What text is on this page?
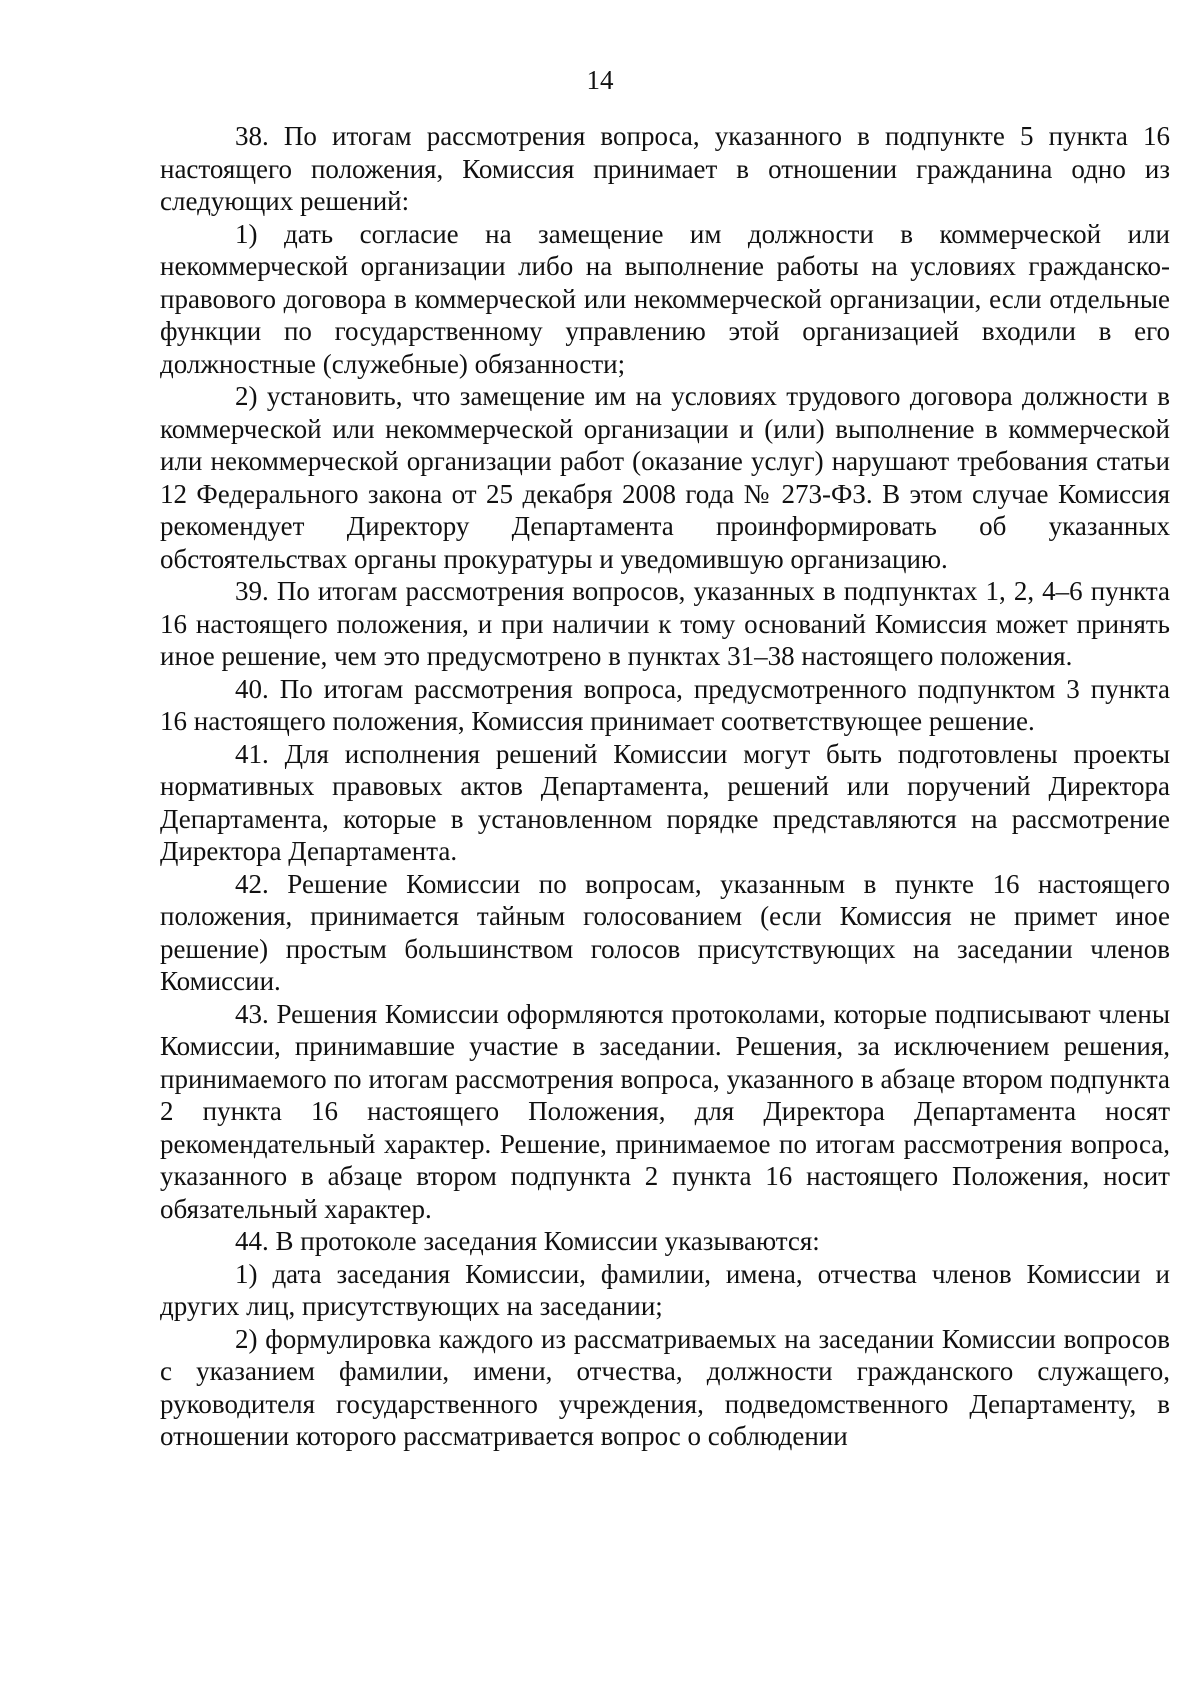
14

38. По итогам рассмотрения вопроса, указанного в подпункте 5 пункта 16 настоящего положения, Комиссия принимает в отношении гражданина одно из следующих решений:

1) дать согласие на замещение им должности в коммерческой или некоммерческой организации либо на выполнение работы на условиях гражданско-правового договора в коммерческой или некоммерческой организации, если отдельные функции по государственному управлению этой организацией входили в его должностные (служебные) обязанности;

2) установить, что замещение им на условиях трудового договора должности в коммерческой или некоммерческой организации и (или) выполнение в коммерческой или некоммерческой организации работ (оказание услуг) нарушают требования статьи 12 Федерального закона от 25 декабря 2008 года № 273-ФЗ. В этом случае Комиссия рекомендует Директору Департамента проинформировать об указанных обстоятельствах органы прокуратуры и уведомившую организацию.

39. По итогам рассмотрения вопросов, указанных в подпунктах 1, 2, 4–6 пункта 16 настоящего положения, и при наличии к тому оснований Комиссия может принять иное решение, чем это предусмотрено в пунктах 31–38 настоящего положения.

40. По итогам рассмотрения вопроса, предусмотренного подпунктом 3 пункта 16 настоящего положения, Комиссия принимает соответствующее решение.

41. Для исполнения решений Комиссии могут быть подготовлены проекты нормативных правовых актов Департамента, решений или поручений Директора Департамента, которые в установленном порядке представляются на рассмотрение Директора Департамента.

42. Решение Комиссии по вопросам, указанным в пункте 16 настоящего положения, принимается тайным голосованием (если Комиссия не примет иное решение) простым большинством голосов присутствующих на заседании членов Комиссии.

43. Решения Комиссии оформляются протоколами, которые подписывают члены Комиссии, принимавшие участие в заседании. Решения, за исключением решения, принимаемого по итогам рассмотрения вопроса, указанного в абзаце втором подпункта 2 пункта 16 настоящего Положения, для Директора Департамента носят рекомендательный характер. Решение, принимаемое по итогам рассмотрения вопроса, указанного в абзаце втором подпункта 2 пункта 16 настоящего Положения, носит обязательный характер.

44. В протоколе заседания Комиссии указываются:

1) дата заседания Комиссии, фамилии, имена, отчества членов Комиссии и других лиц, присутствующих на заседании;

2) формулировка каждого из рассматриваемых на заседании Комиссии вопросов с указанием фамилии, имени, отчества, должности гражданского служащего, руководителя государственного учреждения, подведомственного Департаменту, в отношении которого рассматривается вопрос о соблюдении
